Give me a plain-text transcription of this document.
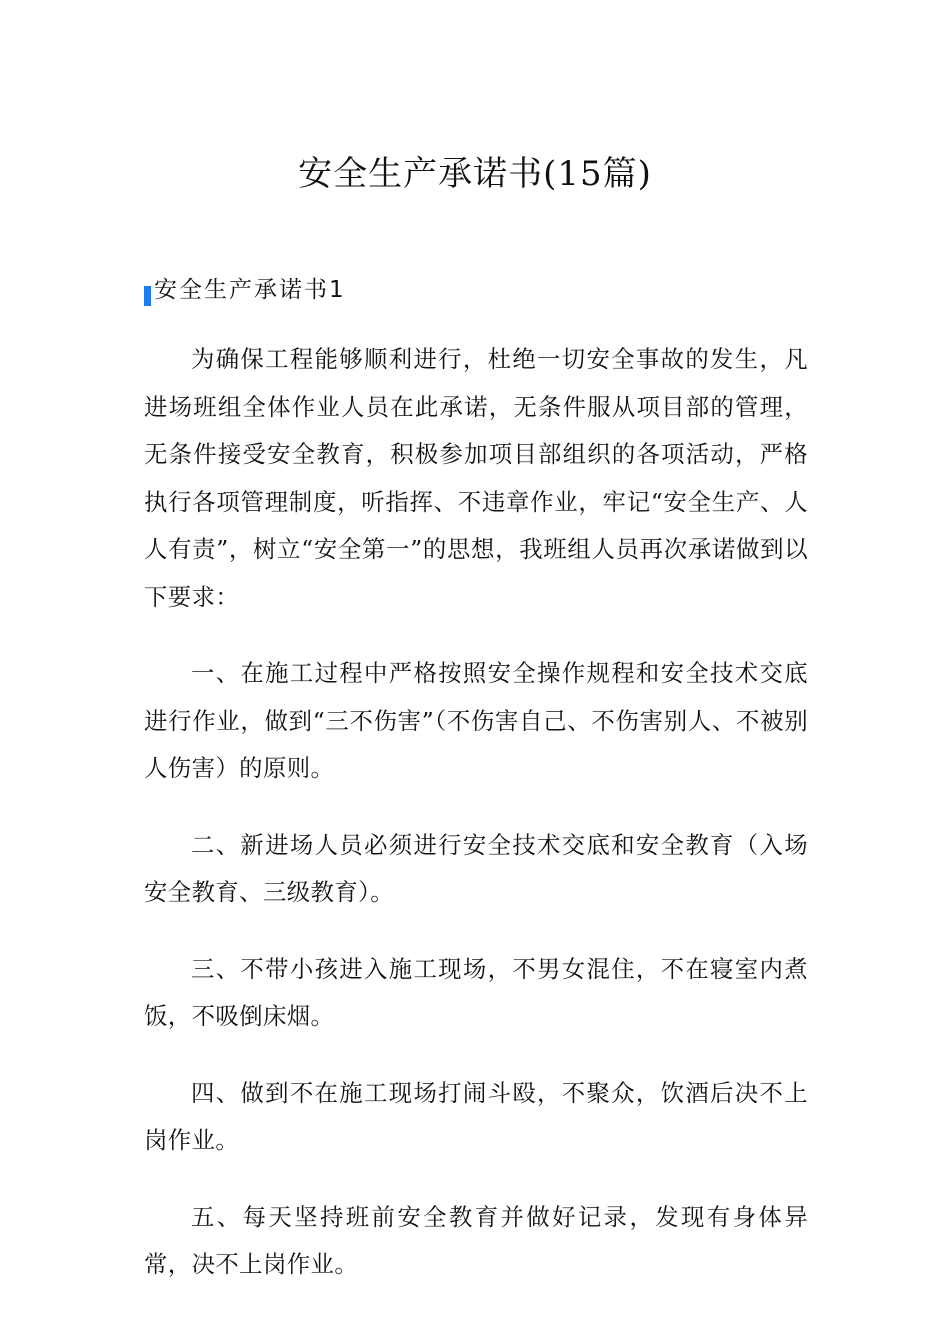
安全生产承诺书(15篇)
安全生产承诺书1

为确保工程能够顺利进行，杜绝一切安全事故的发生，凡进场班组全体作业人员在此承诺，无条件服从项目部的管理，无条件接受安全教育，积极参加项目部组织的各项活动，严格执行各项管理制度，听指挥、不违章作业，牢记“安全生产、人人有责”，树立“安全第一”的思想，我班组人员再次承诺做到以下要求：

一、在施工过程中严格按照安全操作规程和安全技术交底进行作业，做到“三不伤害”（不伤害自己、不伤害别人、不被别人伤害）的原则。

二、新进场人员必须进行安全技术交底和安全教育（入场安全教育、三级教育）。

三、不带小孩进入施工现场，不男女混住，不在寝室内煮饭，不吸倒床烟。

四、做到不在施工现场打闹斗殴，不聚众，饮酒后决不上岗作业。

五、每天坚持班前安全教育并做好记录，发现有身体异常，决不上岗作业。
